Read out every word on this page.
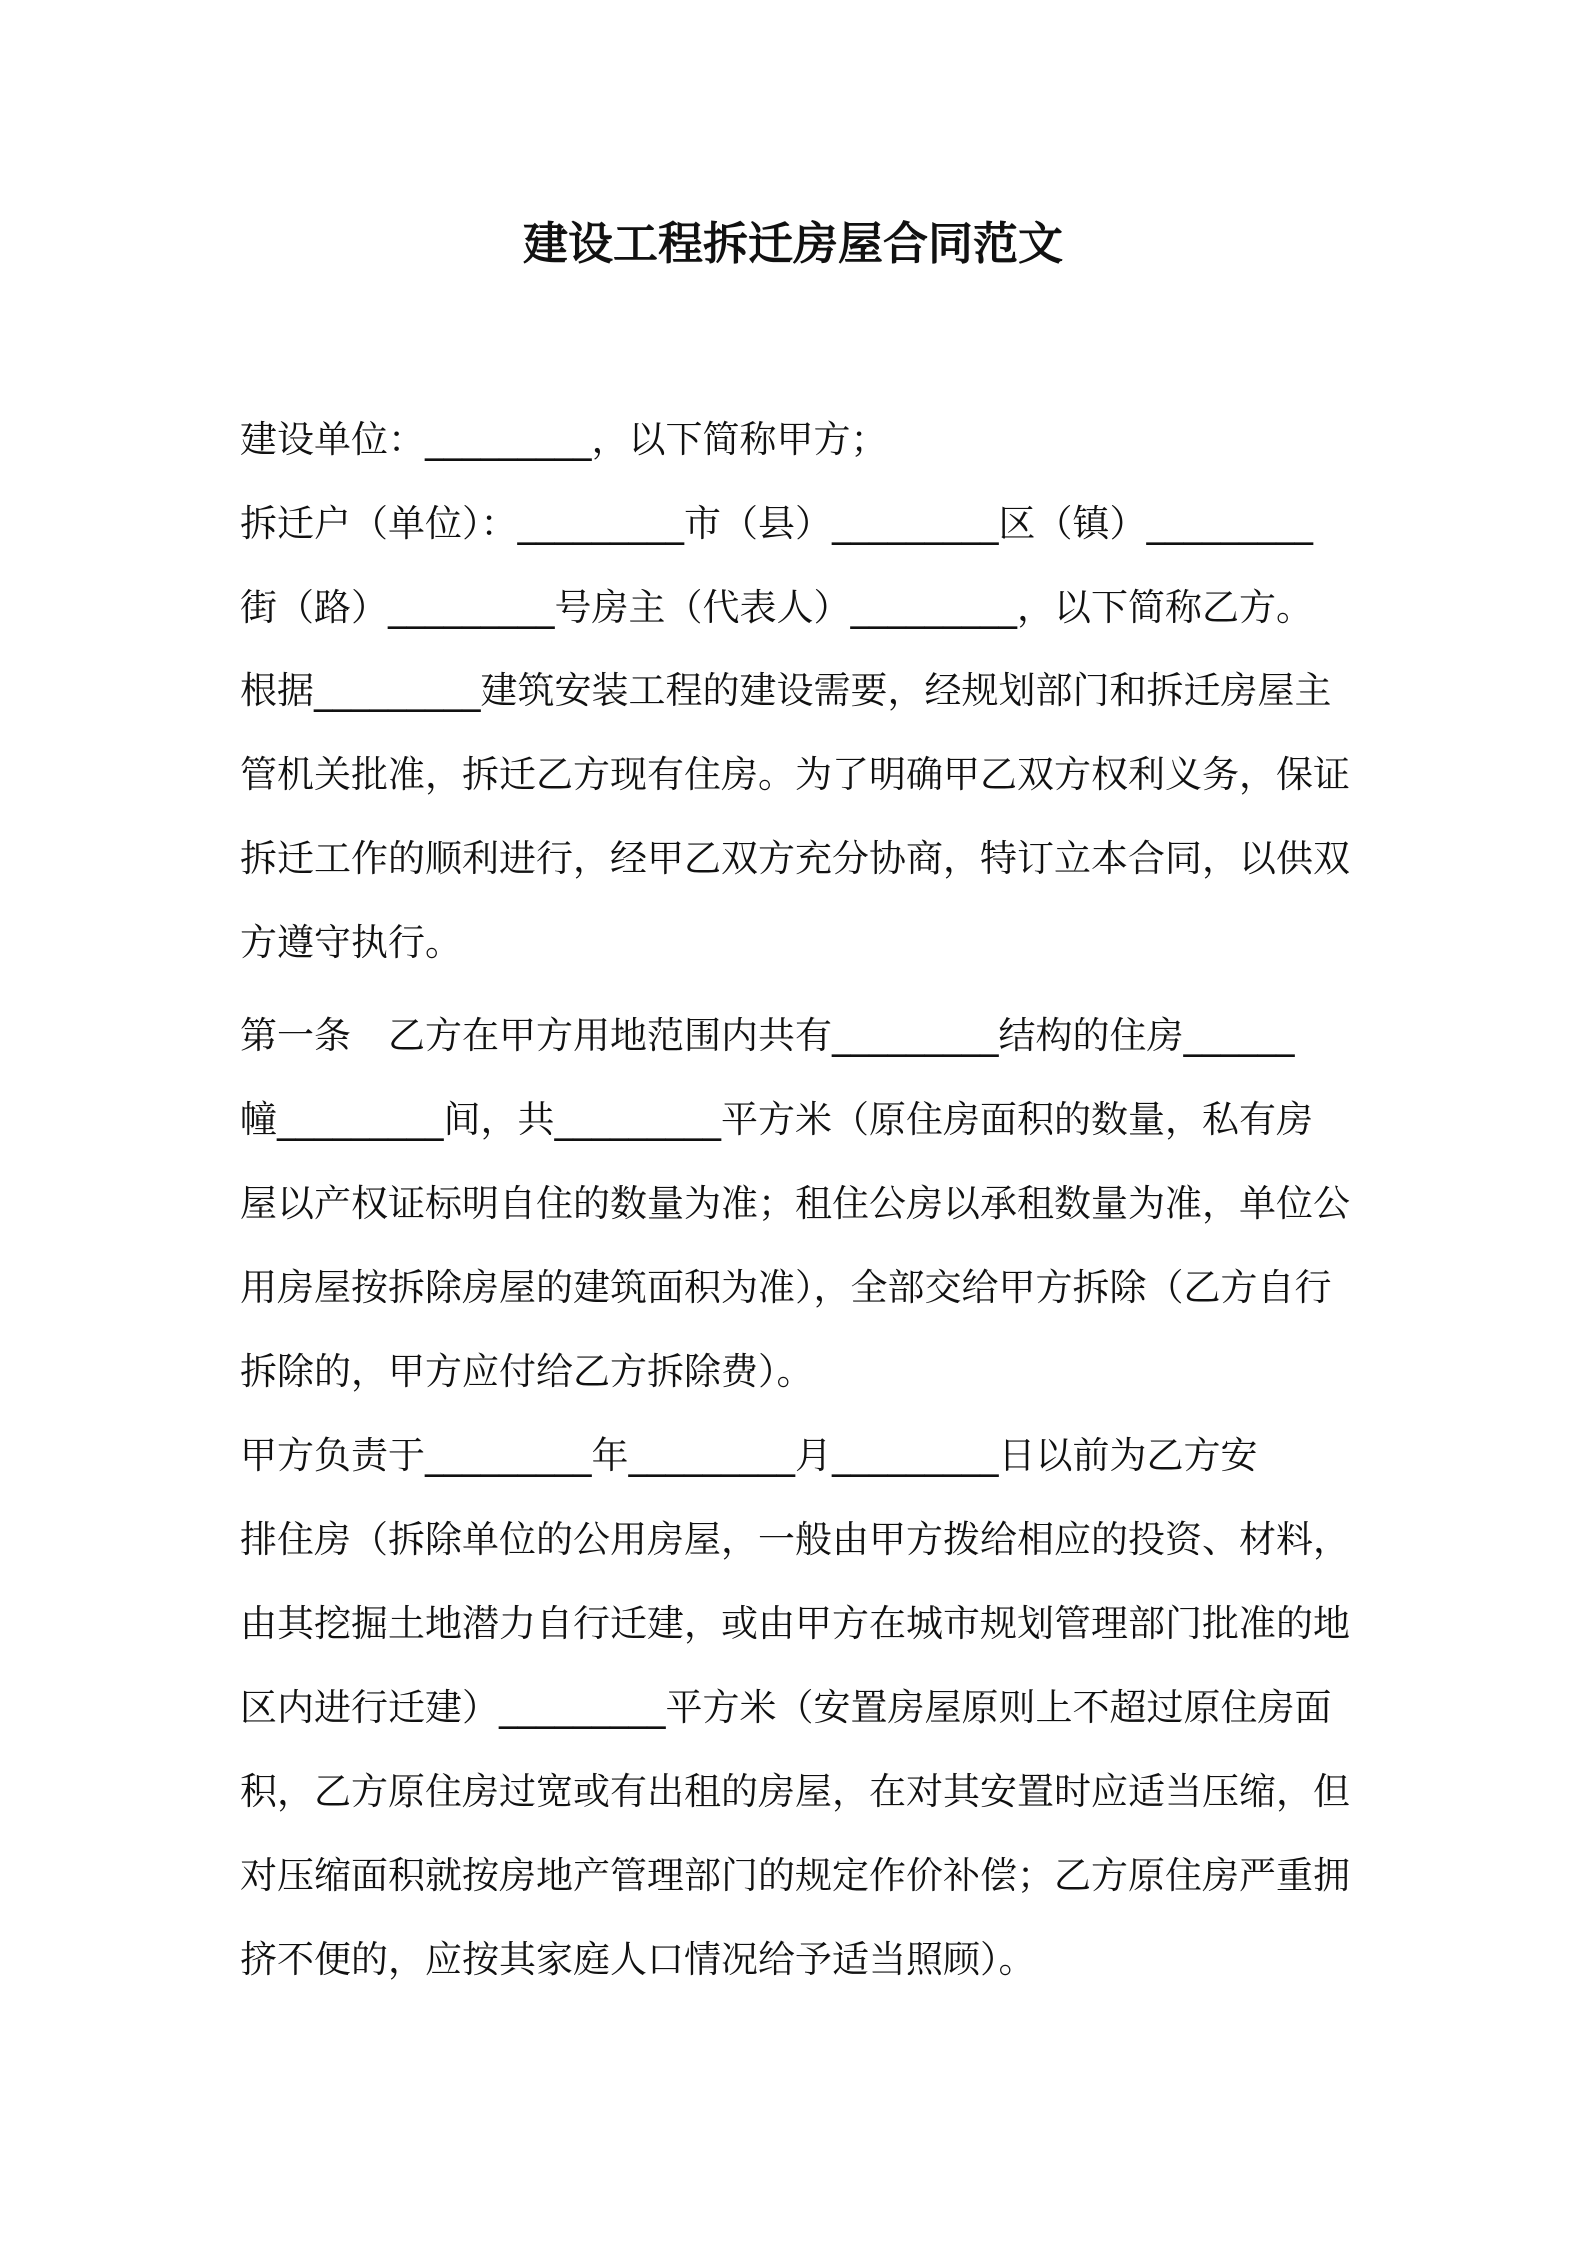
建设工程拆迁房屋合同范文
建设单位：_________，以下简称甲方；
拆迁户（单位）：_________市（县）_________区（镇）_________
街（路）_________号房主（代表人）_________，以下简称乙方。
根据_________建筑安装工程的建设需要，经规划部门和拆迁房屋主
管机关批准，拆迁乙方现有住房。为了明确甲乙双方权利义务，保证
拆迁工作的顺利进行，经甲乙双方充分协商，特订立本合同，以供双
方遵守执行。
第一条　乙方在甲方用地范围内共有_________结构的住房______
幢_________间，共_________平方米（原住房面积的数量，私有房
屋以产权证标明自住的数量为准；租住公房以承租数量为准，单位公
用房屋按拆除房屋的建筑面积为准），全部交给甲方拆除（乙方自行
拆除的，甲方应付给乙方拆除费）。
甲方负责于_________年_________月_________日以前为乙方安
排住房（拆除单位的公用房屋，一般由甲方拨给相应的投资、材料，
由其挖掘土地潜力自行迁建，或由甲方在城市规划管理部门批准的地
区内进行迁建）_________平方米（安置房屋原则上不超过原住房面
积，乙方原住房过宽或有出租的房屋，在对其安置时应适当压缩，但
对压缩面积就按房地产管理部门的规定作价补偿；乙方原住房严重拥
挤不便的，应按其家庭人口情况给予适当照顾）。
